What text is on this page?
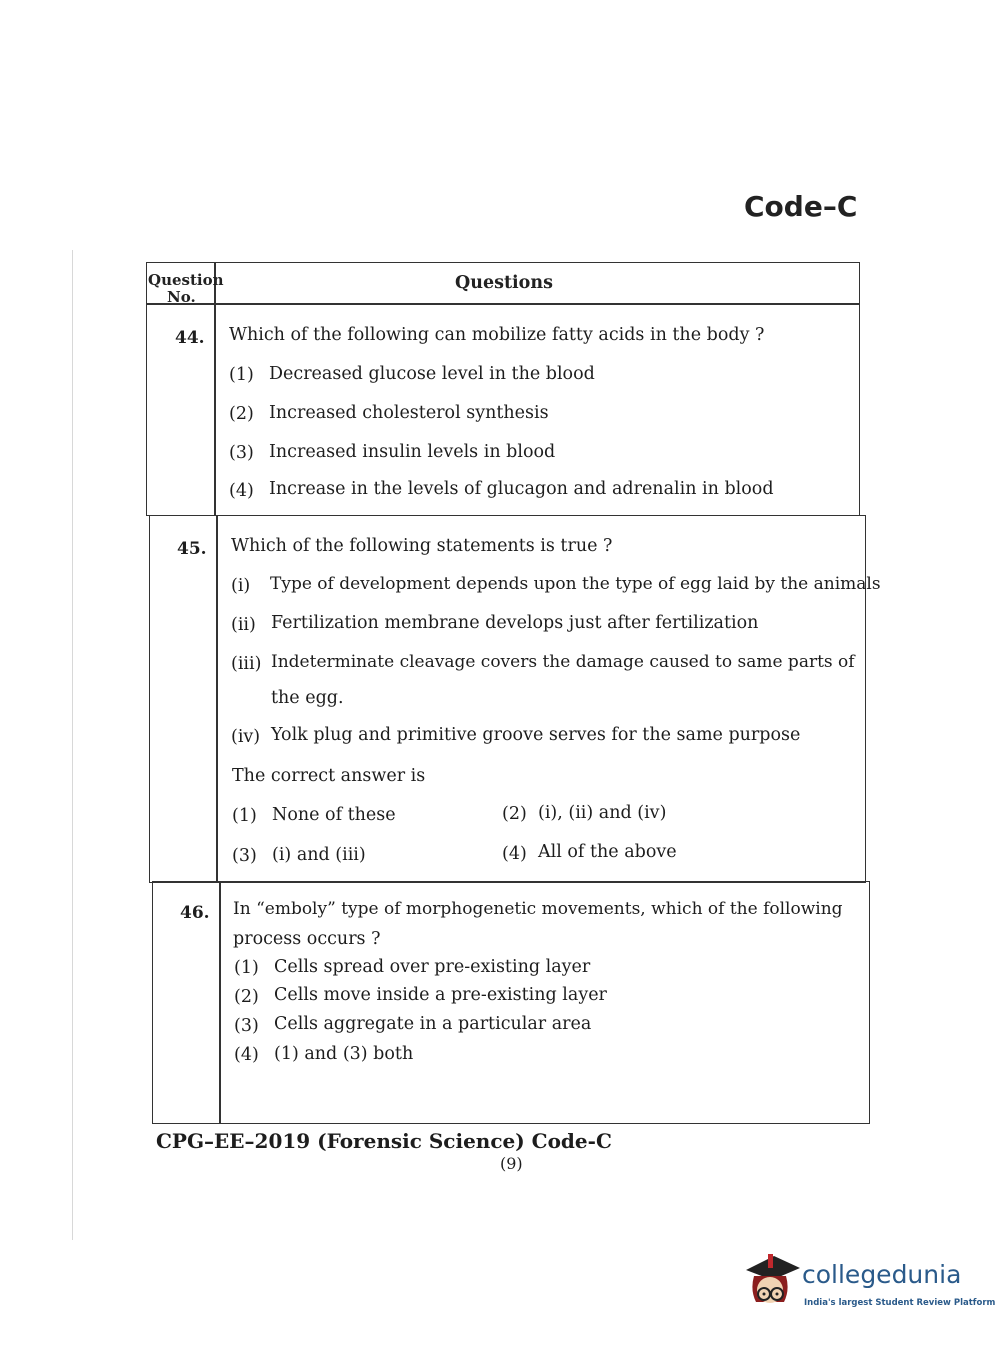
Code–C
Question
No.
Questions
44. Which of the following can mobilize fatty acids in the body ?
(1) Decreased glucose level in the blood
(2) Increased cholesterol synthesis
(3) Increased insulin levels in blood
(4) Increase in the levels of glucagon and adrenalin in blood
45. Which of the following statements is true ?
(i) Type of development depends upon the type of egg laid by the animals
(ii) Fertilization membrane develops just after fertilization
(iii) Indeterminate cleavage covers the damage caused to same parts of
the egg.
(iv) Yolk plug and primitive groove serves for the same purpose
The correct answer is
(1) None of these	(2) (i), (ii) and (iv)
(3) (i) and (iii)	(4) All of the above
46. In “emboly” type of morphogenetic movements, which of the following
process occurs ?
(1) Cells spread over pre-existing layer
(2) Cells move inside a pre-existing layer
(3) Cells aggregate in a particular area
(4) (1) and (3) both
CPG–EE–2019 (Forensic Science) Code-C
(9)
collegedunia
India's largest Student Review Platform
